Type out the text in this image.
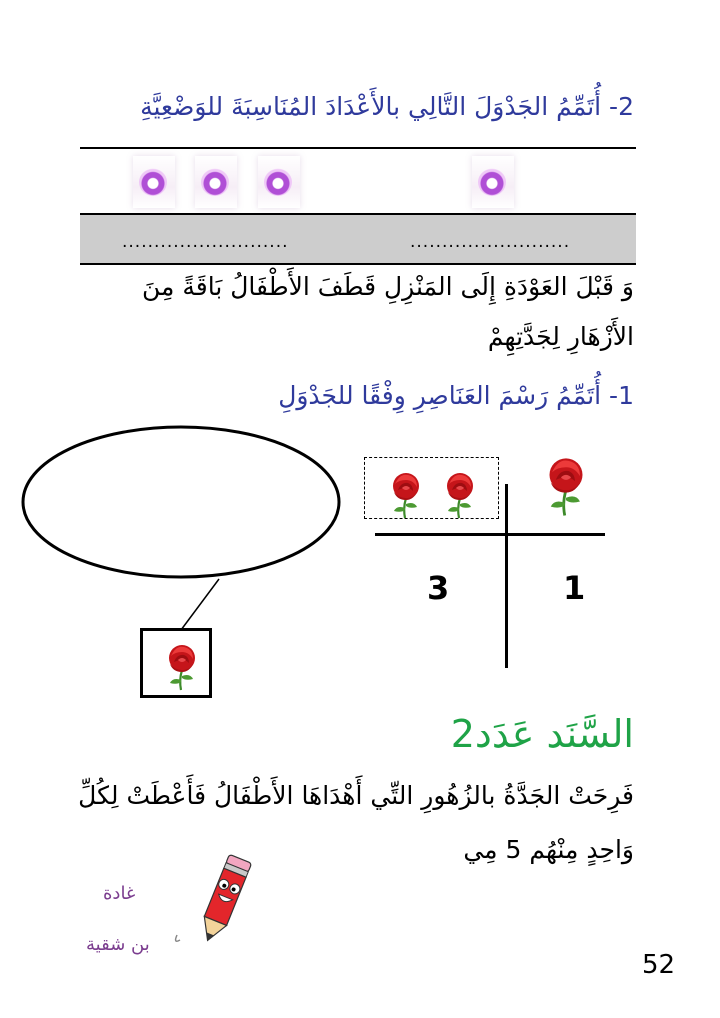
2- أُتَمِّمُ الجَدْوَلَ التَّالِي بالأَعْدَادَ المُنَاسِبَةَ للوَضْعِيَّةِ
..........................	.........................
وَ قَبْلَ العَوْدَةِ إِلَى المَنْزِلِ قَطَفَ الأَطْفَالُ بَاقَةً مِنَ
الأَزْهَارِ لِجَدَّتِهِمْ
1- أُتَمِّمُ رَسْمَ العَنَاصِرِ وِفْقًا للجَدْوَلِ
3	1
السَّنَد عَدَد2
فَرِحَتْ الجَدَّةُ بالزُهُورِ التِّي أَهْدَاهَا الأَطْفَالُ فَأَعْطَتْ لِكُلِّ
وَاحِدٍ مِنْهُم 5 مِي
غادة
بن شقية
52
